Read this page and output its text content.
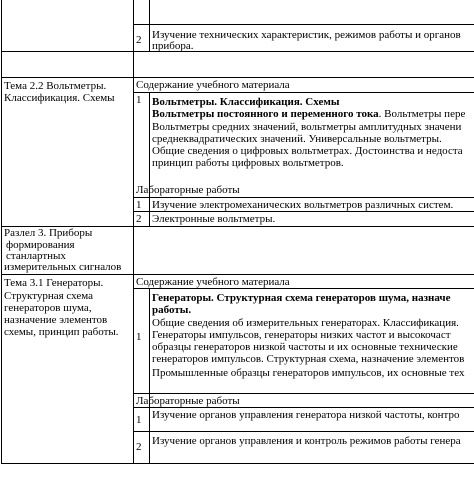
2 Изучение технических характеристик, режимов работы и органов
прибора.
Тема 2.2 Вольтметры.
Классификация. Схемы
Содержание учебного материала
1 Вольтметры. Классификация. Схемы
Вольтметры постоянного и переменного тока. Вольтметры пере
Вольтметры средних значений, вольтметры амплитудных значени
среднеквадратических значений. Универсальные вольтметры.
Общие сведения о цифровых вольтметрах. Достоинства и недоста
принцип работы цифровых вольтметров.
Лабораторные работы
1 Изучение электромеханических вольтметров различных систем.
2 Электронные вольтметры.
Разлел 3. Приборы
формирования
станлартных
измерительных сигналов
Тема 3.1 Генераторы.
Структурная схема
генераторов шума,
назначение элементов
схемы, принцип работы.
Содержание учебного материала
1
Генераторы. Структурная схема генераторов шума, назначе
работы.
Общие сведения об измерительных генераторах. Классификация.
Генераторы импульсов, генераторы низких частот и высокочаст
образцы генераторов низкой частоты и их основные технические
генераторов импульсов. Структурная схема, назначение элементов
Промышленные образцы генераторов импульсов, их основные тех
Лабораторные работы
1 Изучение органов управления генератора низкой частоты, контро
2 Изучение органов управления и контроль режимов работы генера
